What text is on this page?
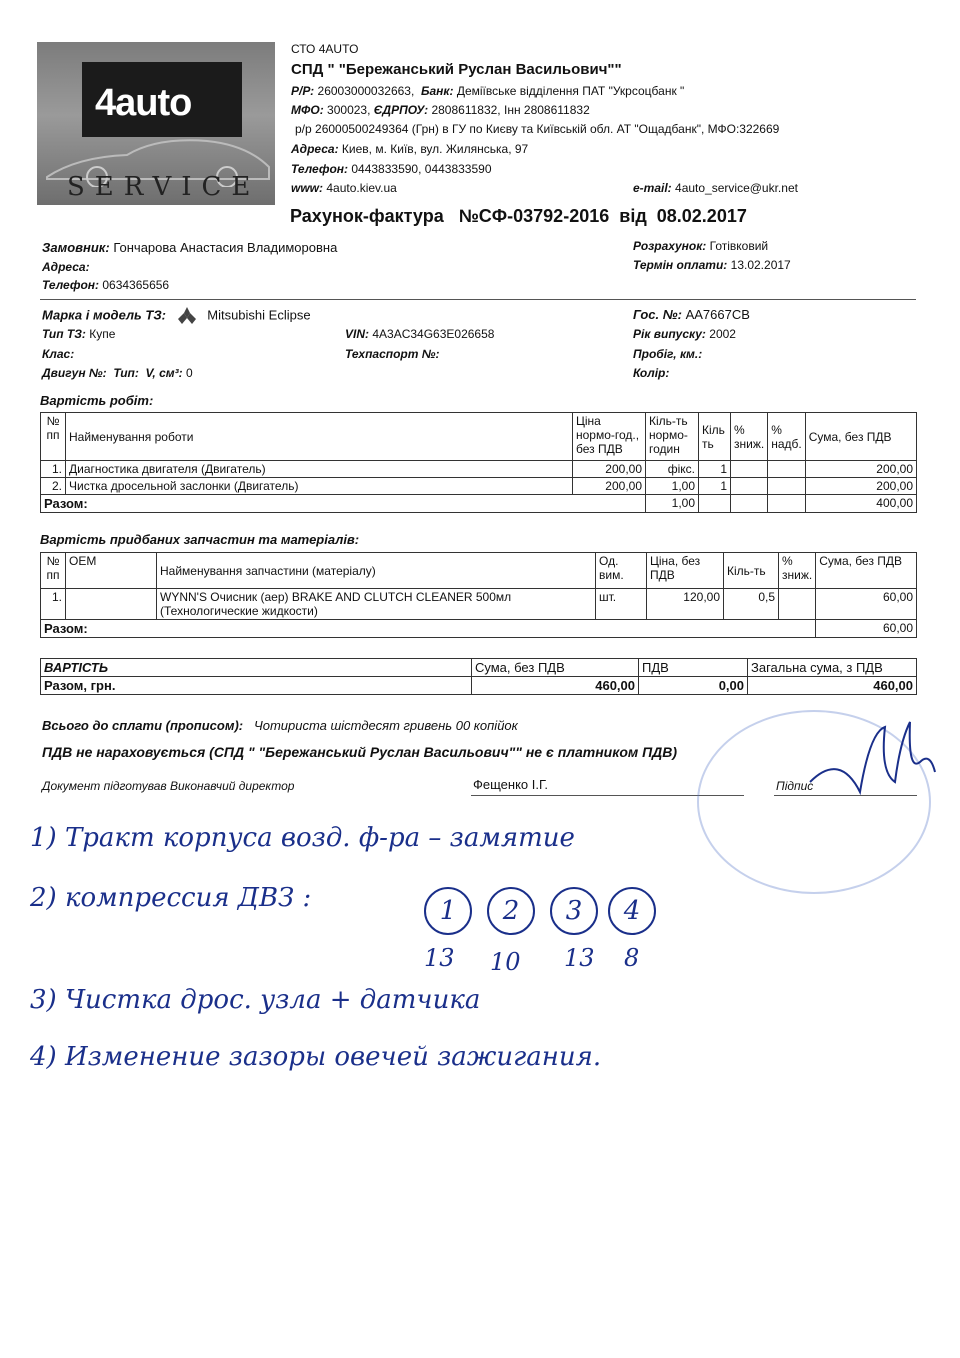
4auto
SERVICE
СТО 4AUTO
СПД " "Бережанський Руслан Васильович""
Р/Р: 26003000032663, Банк: Деміївське відділення ПАТ "Укрсоцбанк "
МФО: 300023, ЄДРПОУ: 2808611832, Інн 2808611832
р/р 26000500249364 (Грн) в ГУ по Києву та Київській обл. АТ "Ощадбанк", МФО:322669
Адреса: Киев, м. Київ, вул. Жилянська, 97
Телефон: 0443833590, 0443833590
www: 4auto.kiev.ua	e-mail: 4auto_service@ukr.net
Рахунок-фактура №СФ-03792-2016 від 08.02.2017
Замовник: Гончарова Анастасия Владиморовна
Адреса:
Телефон: 0634365656
Розрахунок: Готівковий
Термін оплати: 13.02.2017
Марка і модель ТЗ:	Mitsubishi Eclipse
Тип ТЗ: Купе
Клас:
Двигун №: Тип: V, см³: 0
VIN: 4A3AC34G63E026658
Техпаспорт №:
Гос. №: AA7667CB
Рік випуску: 2002
Пробіг, км.:
Колір:
Вартість робіт:
№ пп	Найменування роботи	Ціна нормо-год., без ПДВ	Кіль-ть нормо-годин	Кіль ть	% зниж.	% надб.	Сума, без ПДВ
1.	Диагностика двигателя (Двигатель)	200,00	фікс.	1			200,00
2.	Чистка дросельной заслонки (Двигатель)	200,00	1,00	1			200,00
Разом:			1,00				400,00
Вартість придбаних запчастин та матеріалів:
№ пп	OEM	Найменування запчастини (матеріалу)	Од. вим.	Ціна, без ПДВ	Кіль-ть	% зниж.	Сума, без ПДВ
1.		WYNN'S Очисник (аер) BRAKE AND CLUTCH CLEANER 500мл (Технологические жидкости)	шт.	120,00	0,5		60,00
Разом:							60,00
ВАРТІСТЬ	Сума, без ПДВ	ПДВ	Загальна сума, з ПДВ
Разом, грн.	460,00	0,00	460,00
Всього до сплати (прописом): Чотириста шістдесят гривень 00 копійок
ПДВ не нараховується (СПД " "Бережанський Руслан Васильович"" не є платником ПДВ)
Документ підготував Виконавчий директор	Фещенко І.Г.	Підпис
1) Тракт корпуса возд. ф-ра – замятие
2) компрессия ДВЗ :	1	2	3	4
13 10 13 8
3) Чистка дрос. узла + датчика
4) Изменение зазоры овечей зажигания.
